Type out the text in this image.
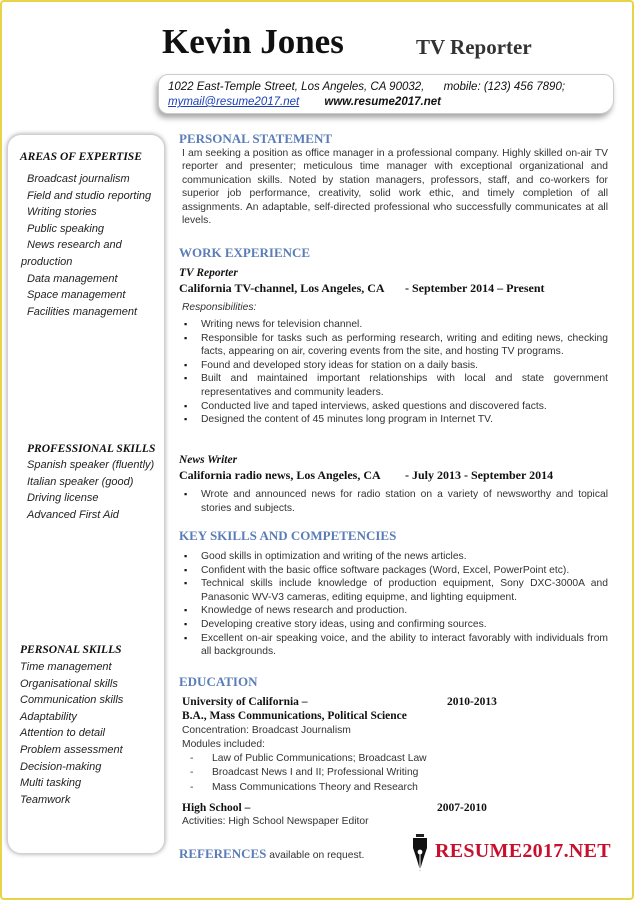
Kevin Jones	TV Reporter
1022 East-Temple Street, Los Angeles, CA 90032, mobile: (123) 456 7890;
mymail@resume2017.net www.resume2017.net
AREAS OF EXPERTISE
Broadcast journalism
Field and studio reporting
Writing stories
Public speaking
News research and
production
Data management
Space management
Facilities management
PROFESSIONAL SKILLS
Spanish speaker (fluently)
Italian speaker (good)
Driving license
Advanced First Aid
PERSONAL SKILLS
Time management
Organisational skills
Communication skills
Adaptability
Attention to detail
Problem assessment
Decision-making
Multi tasking
Teamwork
PERSONAL STATEMENT
I am seeking a position as office manager in a professional company. Highly skilled on-air TV reporter and presenter; meticulous time manager with exceptional organizational and communication skills. Noted by station managers, professors, staff, and co-workers for superior job performance, creativity, solid work ethic, and timely completion of all assignments. An adaptable, self-directed professional who successfully communicates at all levels.
WORK EXPERIENCE
TV Reporter
California TV-channel, Los Angeles, CA - September 2014 – Present
Responsibilities:
▪ Writing news for television channel.
▪ Responsible for tasks such as performing research, writing and editing news, checking facts, appearing on air, covering events from the site, and hosting TV programs.
▪ Found and developed story ideas for station on a daily basis.
▪ Built and maintained important relationships with local and state government representatives and community leaders.
▪ Conducted live and taped interviews, asked questions and discovered facts.
▪ Designed the content of 45 minutes long program in Internet TV.
News Writer
California radio news, Los Angeles, CA - July 2013 - September 2014
▪ Wrote and announced news for radio station on a variety of newsworthy and topical stories and subjects.
KEY SKILLS AND COMPETENCIES
▪ Good skills in optimization and writing of the news articles.
▪ Confident with the basic office software packages (Word, Excel, PowerPoint etc).
▪ Technical skills include knowledge of production equipment, Sony DXC-3000A and Panasonic WV-V3 cameras, editing equipme, and lighting equipment.
▪ Knowledge of news research and production.
▪ Developing creative story ideas, using and confirming sources.
▪ Excellent on-air speaking voice, and the ability to interact favorably with individuals from all backgrounds.
EDUCATION
University of California –	2010-2013
B.A., Mass Communications, Political Science
Concentration: Broadcast Journalism
Modules included:
- Law of Public Communications; Broadcast Law
- Broadcast News I and II; Professional Writing
- Mass Communications Theory and Research
High School –	2007-2010
Activities: High School Newspaper Editor
REFERENCES available on request.	RESUME2017.NET
